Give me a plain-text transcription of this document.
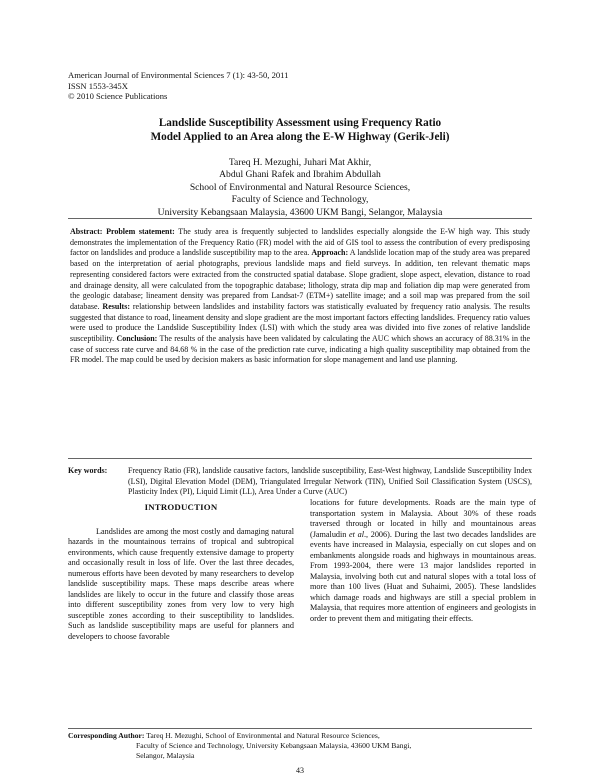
American Journal of Environmental Sciences 7 (1): 43-50, 2011
ISSN 1553-345X
© 2010 Science Publications
Landslide Susceptibility Assessment using Frequency Ratio
Model Applied to an Area along the E-W Highway (Gerik-Jeli)
Tareq H. Mezughi, Juhari Mat Akhir,
Abdul Ghani Rafek and Ibrahim Abdullah
School of Environmental and Natural Resource Sciences,
Faculty of Science and Technology,
University Kebangsaan Malaysia, 43600 UKM Bangi, Selangor, Malaysia

Abstract: Problem statement: The study area is frequently subjected to landslides especially alongside the E-W high way. This study demonstrates the implementation of the Frequency Ratio (FR) model with the aid of GIS tool to assess the contribution of every predisposing factor on landslides and produce a landslide susceptibility map to the area. Approach: A landslide location map of the study area was prepared based on the interpretation of aerial photographs, previous landslide maps and field surveys. In addition, ten relevant thematic maps representing considered factors were extracted from the constructed spatial database. Slope gradient, slope aspect, elevation, distance to road and drainage density, all were calculated from the topographic database; lithology, strata dip map and foliation dip map were generated from the geologic database; lineament density was prepared from Landsat-7 (ETM+) satellite image; and a soil map was prepared from the soil database. Results: relationship between landslides and instability factors was statistically evaluated by frequency ratio analysis. The results suggested that distance to road, lineament density and slope gradient are the most important factors effecting landslides. Frequency ratio values were used to produce the Landslide Susceptibility Index (LSI) with which the study area was divided into five zones of relative landslide susceptibility. Conclusion: The results of the analysis have been validated by calculating the AUC which shows an accuracy of 88.31% in the case of success rate curve and 84.68 % in the case of the prediction rate curve, indicating a high quality susceptibility map obtained from the FR model. The map could be used by decision makers as basic information for slope management and land use planning.

Key words:	Frequency Ratio (FR), landslide causative factors, landslide susceptibility, East-West highway, Landslide Susceptibility Index (LSI), Digital Elevation Model (DEM), Triangulated Irregular Network (TIN), Unified Soil Classification System (USCS), Plasticity Index (PI), Liquid Limit (LL), Area Under a Curve (AUC)
INTRODUCTION

Landslides are among the most costly and damaging natural hazards in the mountainous terrains of tropical and subtropical environments, which cause frequently extensive damage to property and occasionally result in loss of life. Over the last three decades, numerous efforts have been devoted by many researchers to develop landslide susceptibility maps. These maps describe areas where landslides are likely to occur in the future and classify those areas into different susceptibility zones from very low to very high susceptible zones according to their susceptibility to landslides. Such as landslide susceptibility maps are useful for planners and developers to choose favorable

locations for future developments. Roads are the main type of transportation system in Malaysia. About 30% of these roads traversed through or located in hilly and mountainous areas (Jamaludin et al., 2006). During the last two decades landslides are events have increased in Malaysia, especially on cut slopes and on embankments alongside roads and highways in mountainous areas. From 1993-2004, there were 13 major landslides reported in Malaysia, involving both cut and natural slopes with a total loss of more than 100 lives (Huat and Suhaimi, 2005). These landslides which damage roads and highways are still a special problem in Malaysia, that requires more attention of engineers and geologists in order to prevent them and mitigating their effects.

Corresponding Author: Tareq H. Mezughi, School of Environmental and Natural Resource Sciences,
Faculty of Science and Technology, University Kebangsaan Malaysia, 43600 UKM Bangi,
Selangor, Malaysia
43
